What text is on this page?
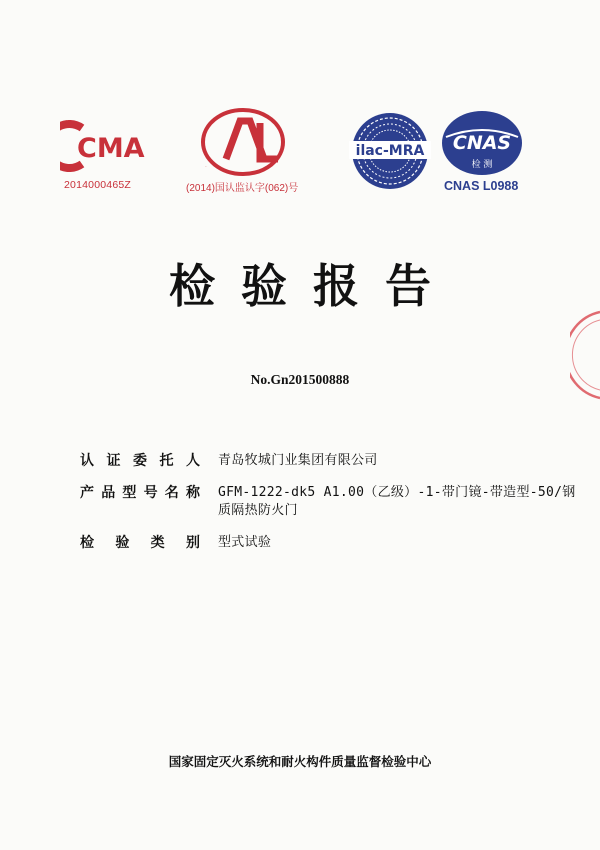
CMA
2014000465Z
CAL
(2014)国认监认字(062)号
ilac-MRA CNAS
检 测
CNAS L0988
检验报告
No.Gn201500888
认证委托人 青岛牧城门业集团有限公司
产品型号名称 GFM-1222-dk5 A1.00（乙级）-1-带门镜-带造型-50/钢质隔热防火门
检验类别 型式试验
国家固定灭火系统和耐火构件质量监督检验中心
